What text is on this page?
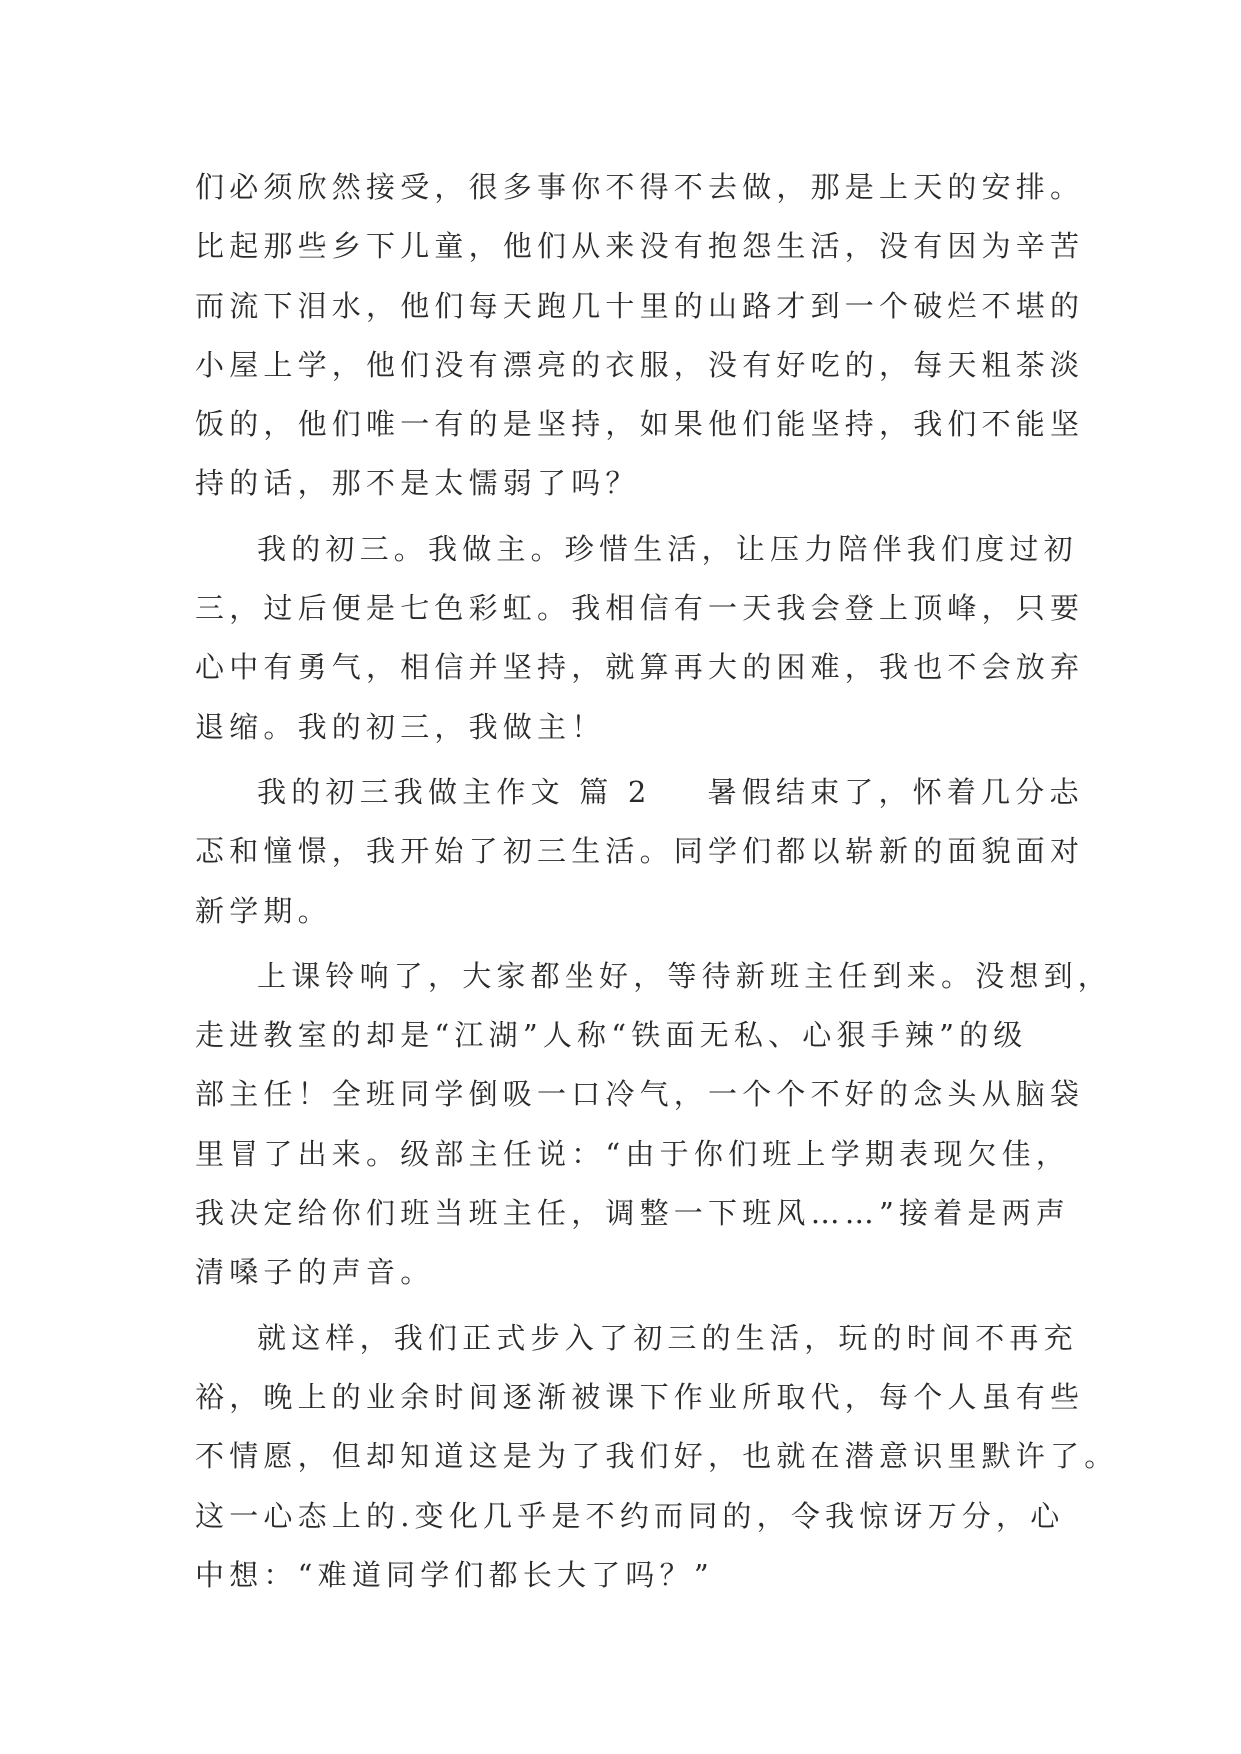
们必须欣然接受，很多事你不得不去做，那是上天的安排。
比起那些乡下儿童，他们从来没有抱怨生活，没有因为辛苦
而流下泪水，他们每天跑几十里的山路才到一个破烂不堪的
小屋上学，他们没有漂亮的衣服，没有好吃的，每天粗茶淡
饭的，他们唯一有的是坚持，如果他们能坚持，我们不能坚
持的话，那不是太懦弱了吗？
我的初三。我做主。珍惜生活，让压力陪伴我们度过初
三，过后便是七色彩虹。我相信有一天我会登上顶峰，只要
心中有勇气，相信并坚持，就算再大的困难，我也不会放弃
退缩。我的初三，我做主！
我的初三我做主作文 篇 2 暑假结束了，怀着几分忐
忑和憧憬，我开始了初三生活。同学们都以崭新的面貌面对
新学期。
上课铃响了，大家都坐好，等待新班主任到来。没想到，
走进教室的却是“江湖”人称“铁面无私、心狠手辣”的级
部主任！全班同学倒吸一口冷气，一个个不好的念头从脑袋
里冒了出来。级部主任说：“由于你们班上学期表现欠佳，
我决定给你们班当班主任，调整一下班风……”接着是两声
清嗓子的声音。
就这样，我们正式步入了初三的生活，玩的时间不再充
裕，晚上的业余时间逐渐被课下作业所取代，每个人虽有些
不情愿，但却知道这是为了我们好，也就在潜意识里默许了。
这一心态上的.变化几乎是不约而同的，令我惊讶万分，心
中想：“难道同学们都长大了吗？”
